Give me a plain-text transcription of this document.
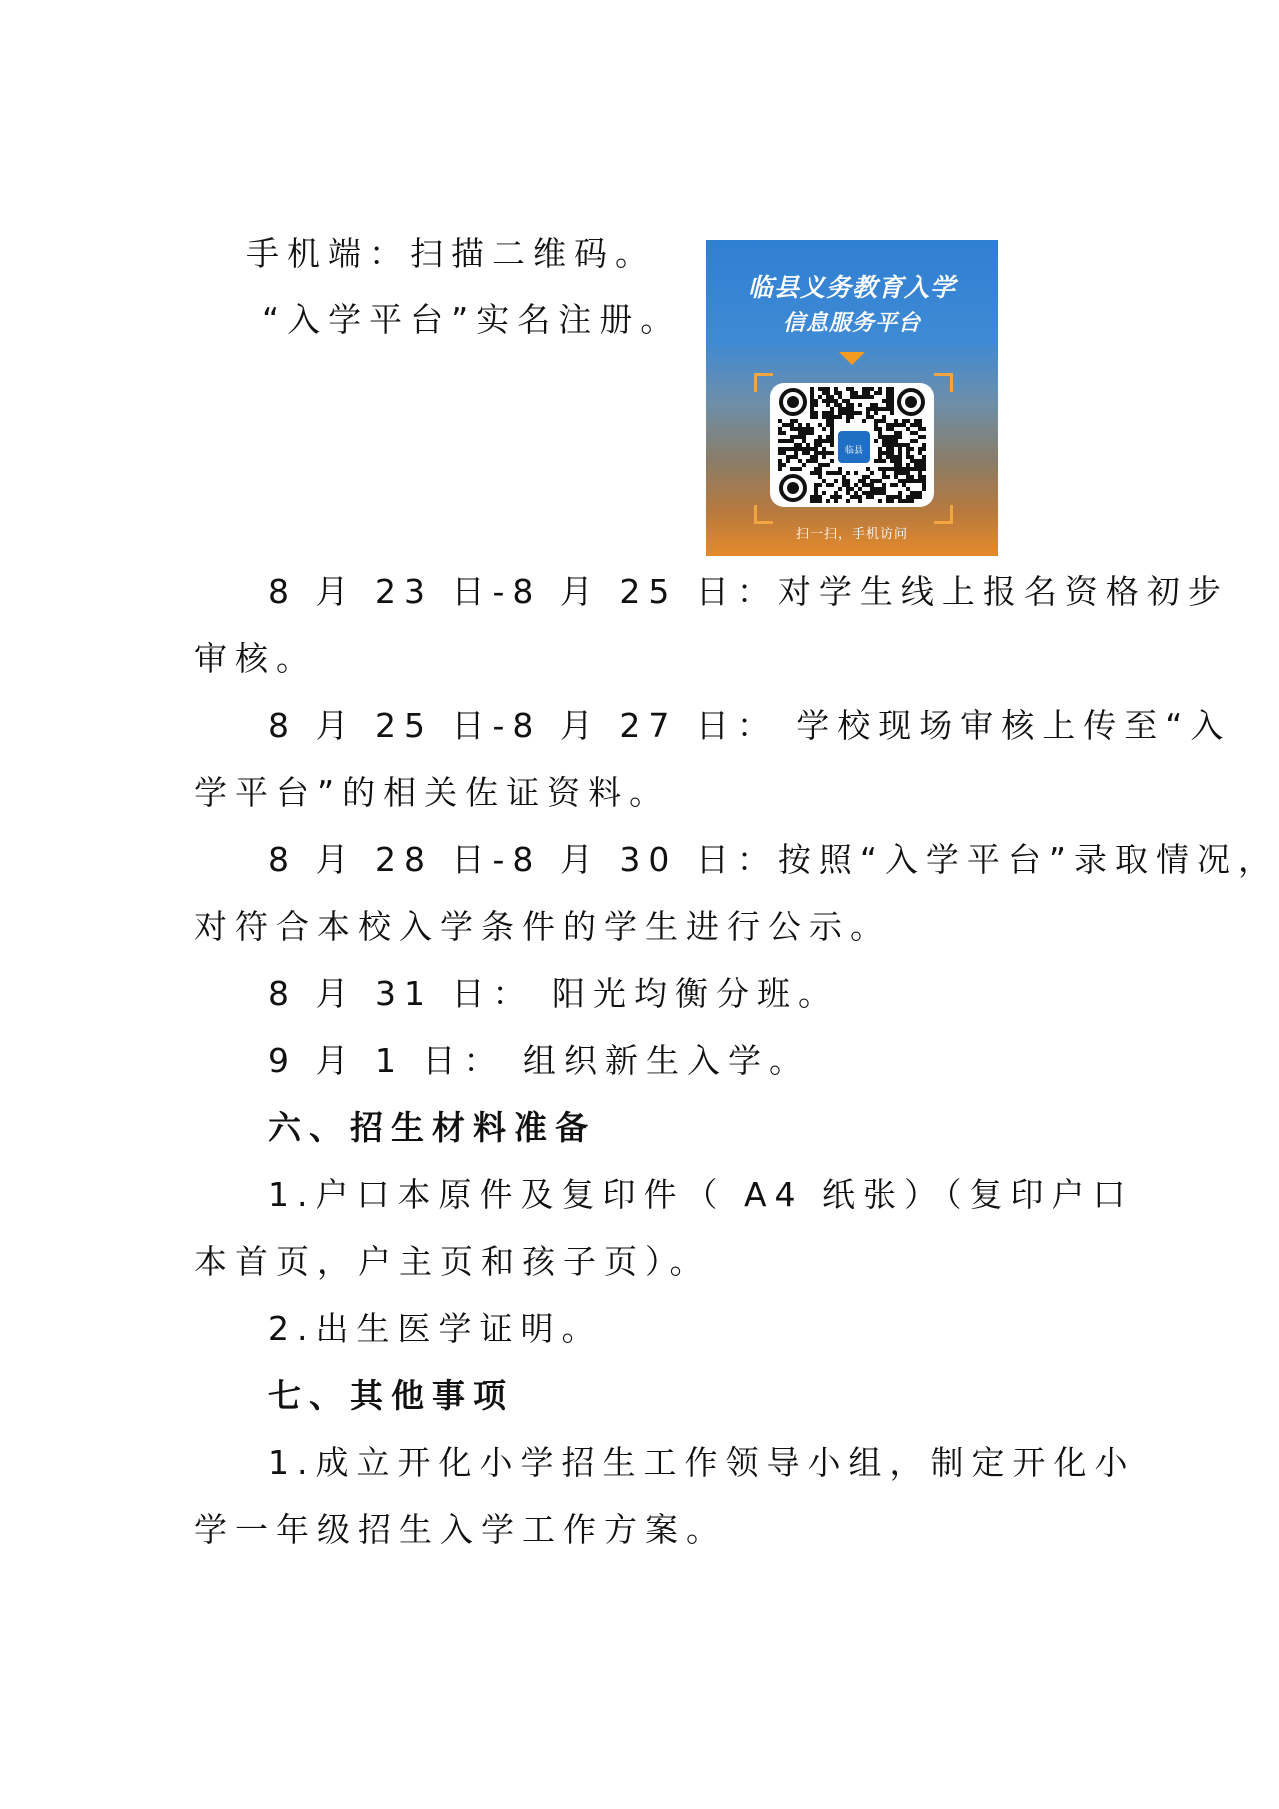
手机端：扫描二维码。
“入学平台”实名注册。
临县义务教育入学
信息服务平台
临县
扫一扫，手机访问
8 月 23 日-8 月 25 日：对学生线上报名资格初步
审核。
8 月 25 日-8 月 27 日： 学校现场审核上传至“入
学平台”的相关佐证资料。
8 月 28 日-8 月 30 日：按照“入学平台”录取情况，
对符合本校入学条件的学生进行公示。
8 月 31 日： 阳光均衡分班。
9 月 1 日： 组织新生入学。
六、招生材料准备
1.户口本原件及复印件（ A4 纸张）（复印户口
本首页，户主页和孩子页）。
2.出生医学证明。
七、其他事项
1.成立开化小学招生工作领导小组，制定开化小
学一年级招生入学工作方案。
